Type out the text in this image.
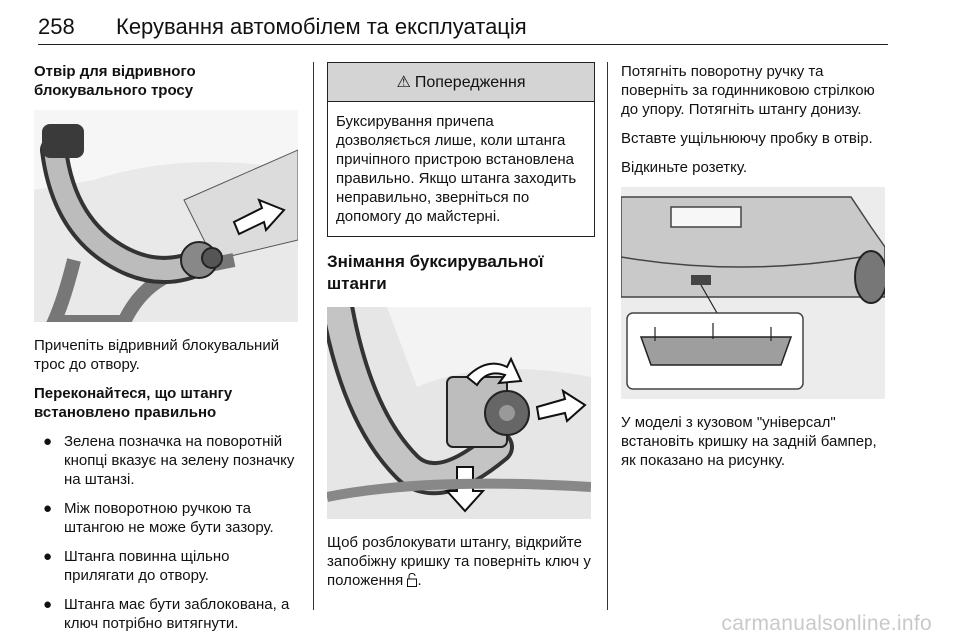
258 Керування автомобілем та експлуатація
Отвір для відривного блокувального тросу

Причепіть відривний блокувальний трос до отвору.

Переконайтеся, що штангу встановлено правильно
● Зелена позначка на поворотній кнопці вказує на зелену позначку на штанзі.
● Між поворотною ручкою та штангою не може бути зазору.
● Штанга повинна щільно прилягати до отвору.
● Штанга має бути заблокована, а ключ потрібно витягнути.
⚠ Попередження
Буксирування причепа дозволяється лише, коли штанга причіпного пристрою встановлена правильно. Якщо штанга заходить неправильно, зверніться по допомогу до майстерні.
Знімання буксирувальної штанги

Щоб розблокувати штангу, відкрийте запобіжну кришку та поверніть ключ у положення .

Потягніть поворотну ручку та поверніть за годинниковою стрілкою до упору. Потягніть штангу донизу.

Вставте ущільнюючу пробку в отвір.

Відкиньте розетку.

У моделі з кузовом "універсал" встановіть кришку на задній бампер, як показано на рисунку.

carmanualsonline.info
